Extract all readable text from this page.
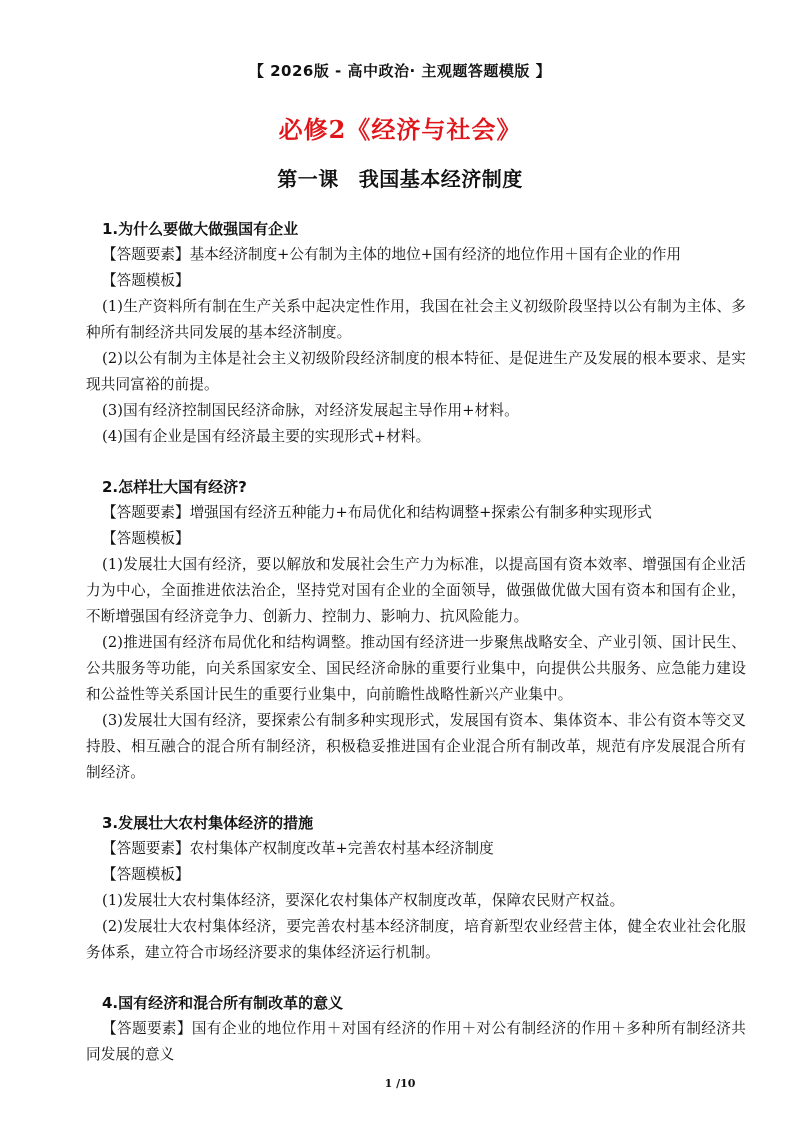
【 2026版 - 高中政治· 主观题答题模版 】
必修2《经济与社会》
第一课 我国基本经济制度
1.为什么要做大做强国有企业
【答题要素】基本经济制度+公有制为主体的地位+国有经济的地位作用＋国有企业的作用
【答题模板】
(1)生产资料所有制在生产关系中起决定性作用，我国在社会主义初级阶段坚持以公有制为主体、多种所有制经济共同发展的基本经济制度。
(2)以公有制为主体是社会主义初级阶段经济制度的根本特征、是促进生产及发展的根本要求、是实现共同富裕的前提。
(3)国有经济控制国民经济命脉，对经济发展起主导作用+材料。
(4)国有企业是国有经济最主要的实现形式+材料。
2.怎样壮大国有经济?
【答题要素】增强国有经济五种能力+布局优化和结构调整+探索公有制多种实现形式
【答题模板】
(1)发展壮大国有经济，要以解放和发展社会生产力为标准，以提高国有资本效率、增强国有企业活力为中心，全面推进依法治企，坚持党对国有企业的全面领导，做强做优做大国有资本和国有企业，不断增强国有经济竞争力、创新力、控制力、影响力、抗风险能力。
(2)推进国有经济布局优化和结构调整。推动国有经济进一步聚焦战略安全、产业引领、国计民生、公共服务等功能，向关系国家安全、国民经济命脉的重要行业集中，向提供公共服务、应急能力建设和公益性等关系国计民生的重要行业集中，向前瞻性战略性新兴产业集中。
(3)发展壮大国有经济，要探索公有制多种实现形式，发展国有资本、集体资本、非公有资本等交叉持股、相互融合的混合所有制经济，积极稳妥推进国有企业混合所有制改革，规范有序发展混合所有制经济。
3.发展壮大农村集体经济的措施
【答题要素】农村集体产权制度改革+完善农村基本经济制度
【答题模板】
(1)发展壮大农村集体经济，要深化农村集体产权制度改革，保障农民财产权益。
(2)发展壮大农村集体经济，要完善农村基本经济制度，培育新型农业经营主体，健全农业社会化服务体系，建立符合市场经济要求的集体经济运行机制。
4.国有经济和混合所有制改革的意义
【答题要素】国有企业的地位作用＋对国有经济的作用＋对公有制经济的作用＋多种所有制经济共同发展的意义
1 /10
